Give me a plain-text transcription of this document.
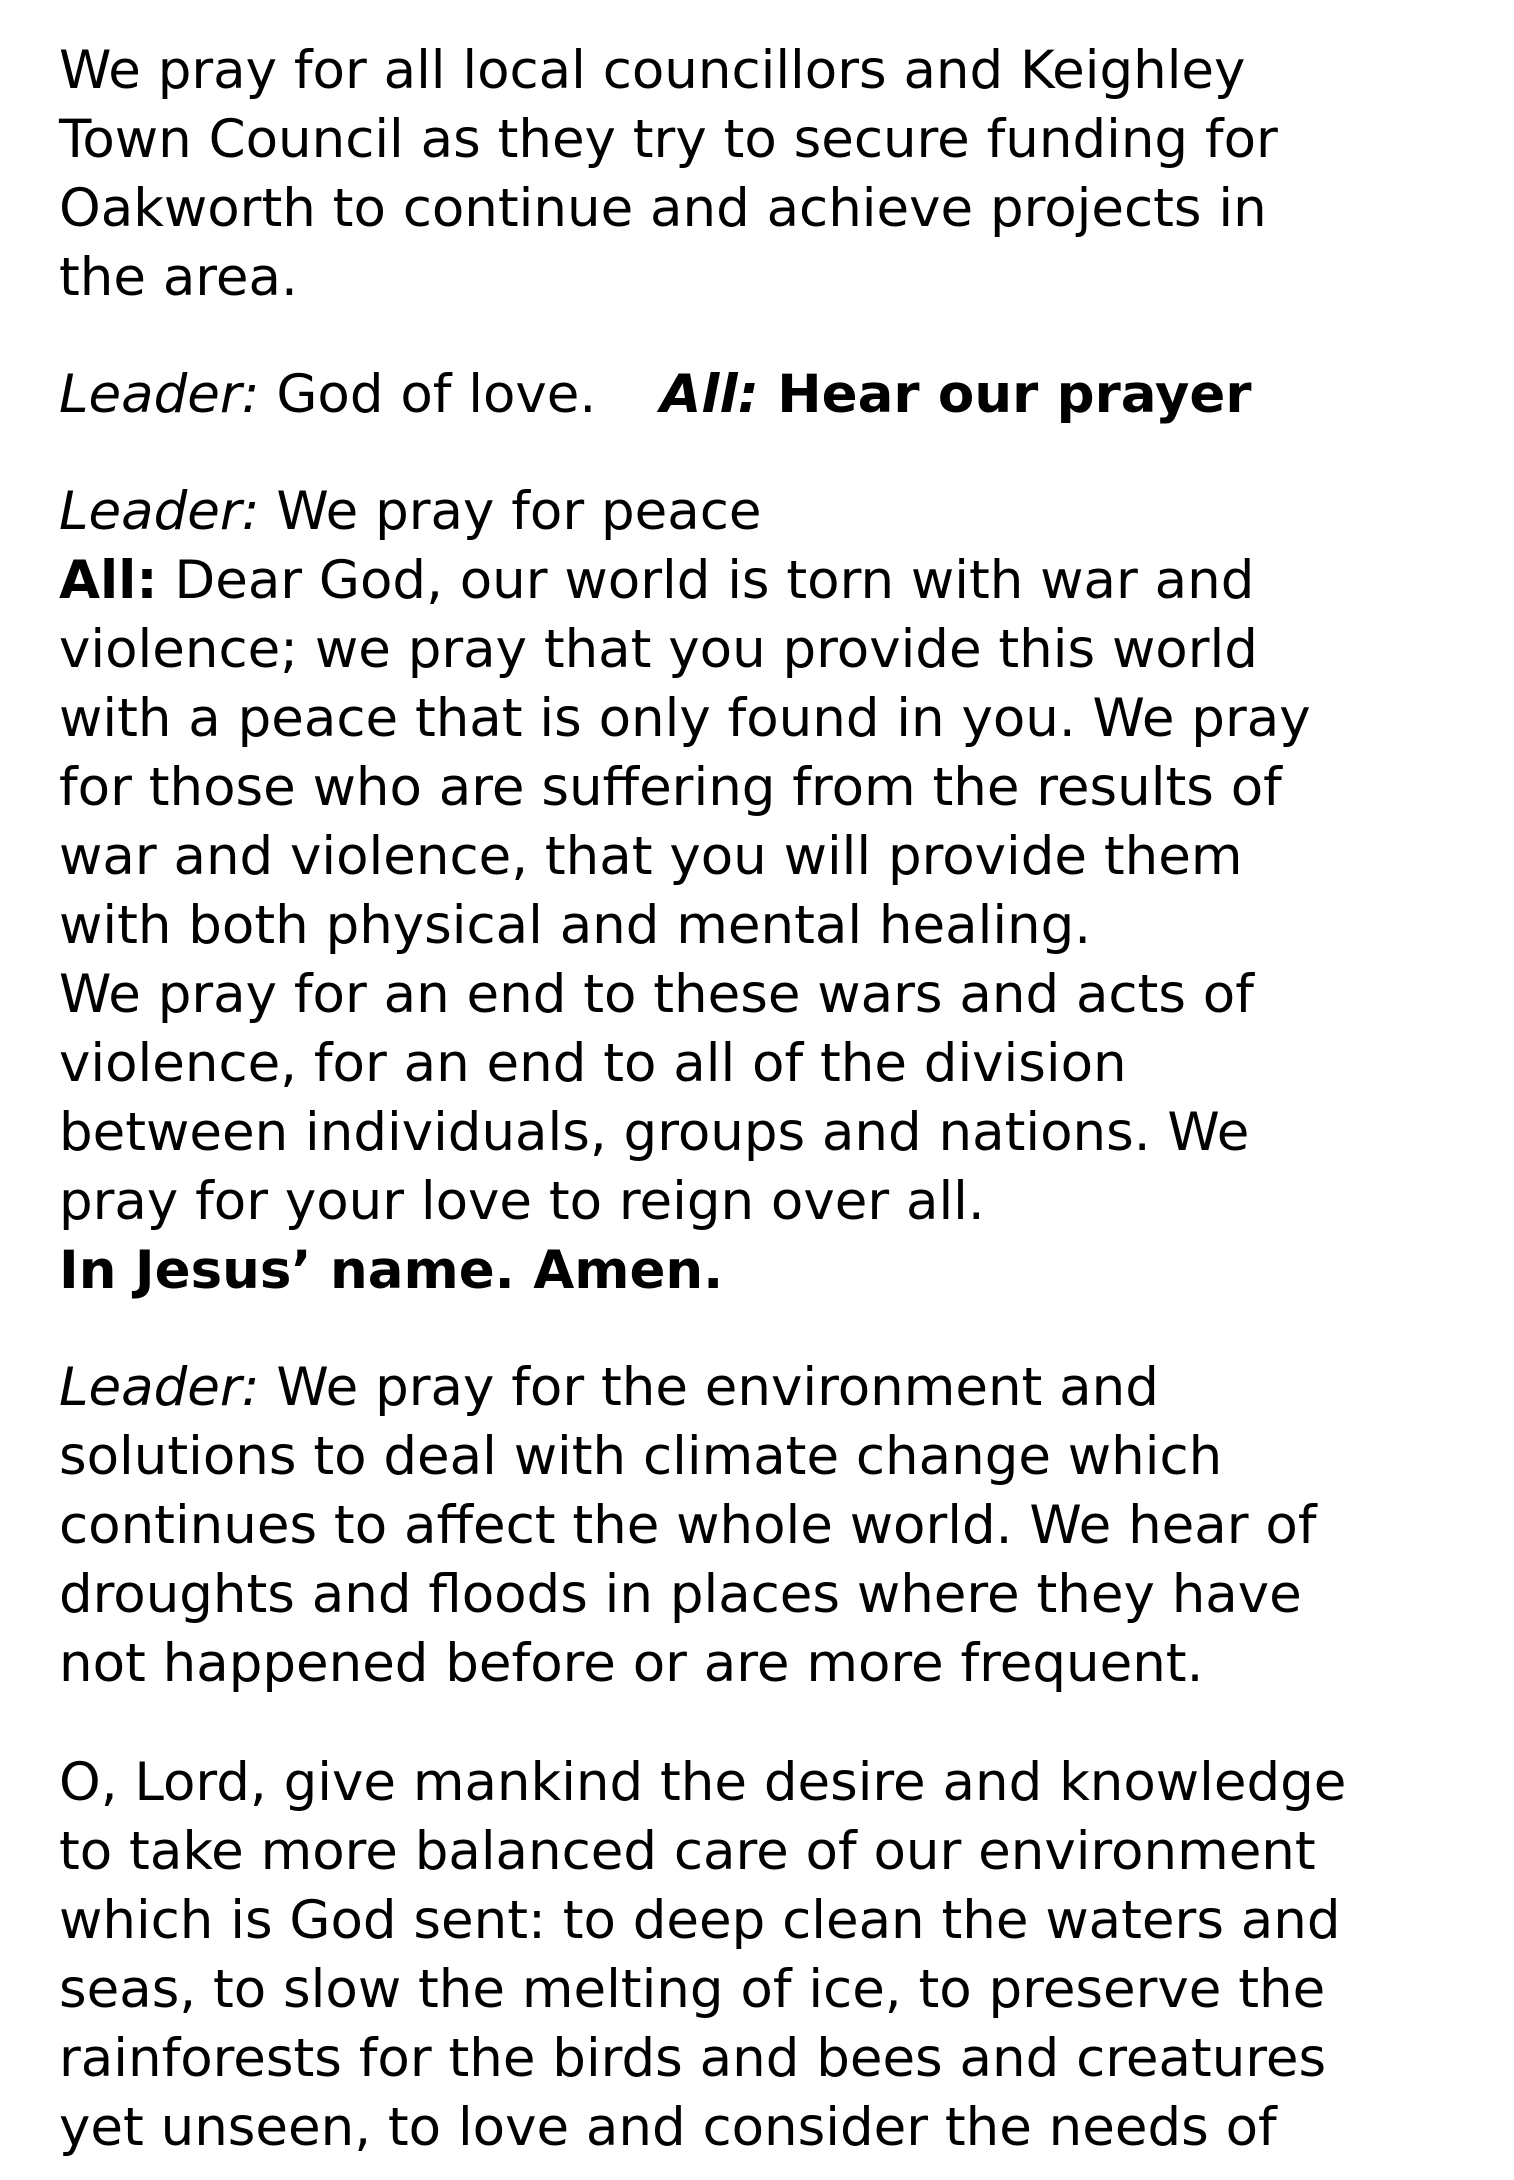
We pray for all local councillors and Keighley
Town Council as they try to secure funding for
Oakworth to continue and achieve projects in
the area.

Leader: God of love. All: Hear our prayer

Leader: We pray for peace
All: Dear God, our world is torn with war and
violence; we pray that you provide this world
with a peace that is only found in you. We pray
for those who are suffering from the results of
war and violence, that you will provide them
with both physical and mental healing.
We pray for an end to these wars and acts of
violence, for an end to all of the division
between individuals, groups and nations. We
pray for your love to reign over all.
In Jesus’ name. Amen.

Leader: We pray for the environment and
solutions to deal with climate change which
continues to affect the whole world. We hear of
droughts and floods in places where they have
not happened before or are more frequent.

O, Lord, give mankind the desire and knowledge
to take more balanced care of our environment
which is God sent: to deep clean the waters and
seas, to slow the melting of ice, to preserve the
rainforests for the birds and bees and creatures
yet unseen, to love and consider the needs of
